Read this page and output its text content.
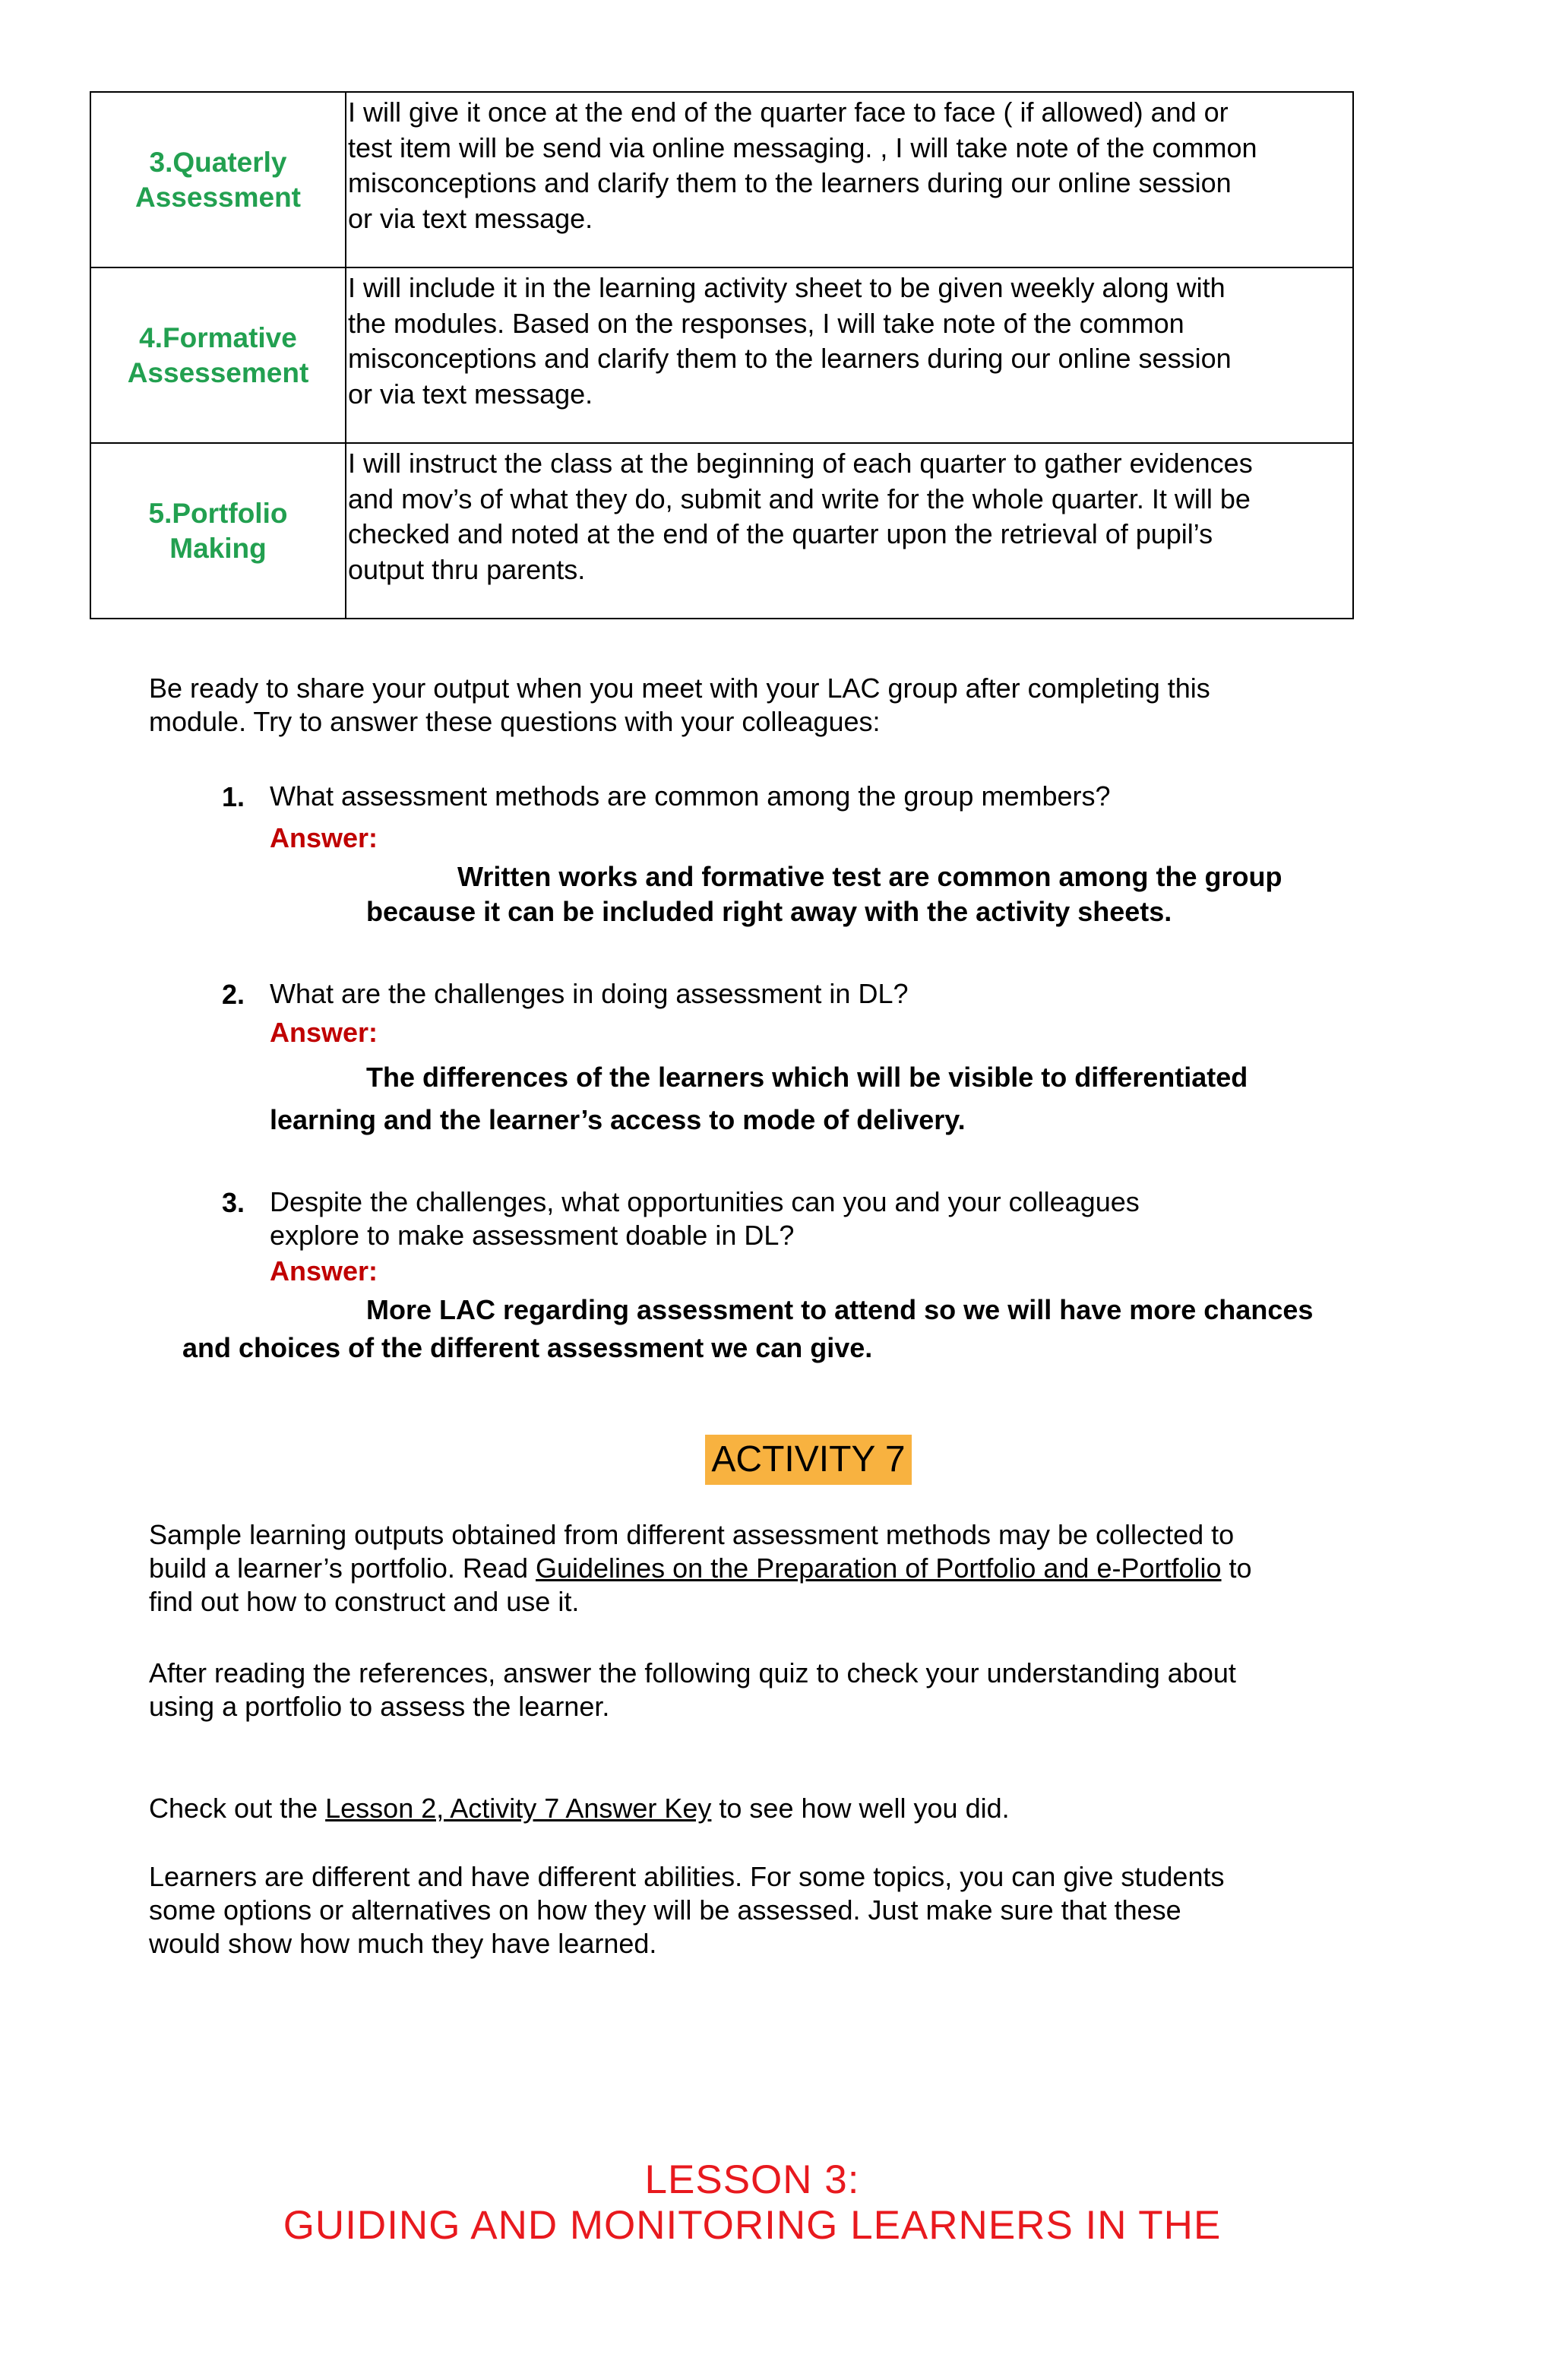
3.Quaterly
Assessment	I will give it once at the end of the quarter face to face ( if allowed) and or
test item will be send via online messaging. , I will take note of the common
misconceptions and clarify them to the learners during our online session
or via text message.

4.Formative
Assessement	I will include it in the learning activity sheet to be given weekly along with
the modules. Based on the responses, I will take note of the common
misconceptions and clarify them to the learners during our online session
or via text message.

5.Portfolio
Making	I will instruct the class at the beginning of each quarter to gather evidences
and mov’s of what they do, submit and write for the whole quarter. It will be
checked and noted at the end of the quarter upon the retrieval of pupil’s
output thru parents.
Be ready to share your output when you meet with your LAC group after completing this
module. Try to answer these questions with your colleagues:
1. What assessment methods are common among the group members?
Answer:
Written works and formative test are common among the group
because it can be included right away with the activity sheets.
2. What are the challenges in doing assessment in DL?
Answer:
The differences of the learners which will be visible to differentiated
learning and the learner’s access to mode of delivery.
3. Despite the challenges, what opportunities can you and your colleagues
explore to make assessment doable in DL?
Answer:
More LAC regarding assessment to attend so we will have more chances
and choices of the different assessment we can give.
ACTIVITY 7
Sample learning outputs obtained from different assessment methods may be collected to
build a learner’s portfolio. Read Guidelines on the Preparation of Portfolio and e-Portfolio to
find out how to construct and use it.
After reading the references, answer the following quiz to check your understanding about
using a portfolio to assess the learner.
Check out the Lesson 2, Activity 7 Answer Key to see how well you did.
Learners are different and have different abilities. For some topics, you can give students
some options or alternatives on how they will be assessed. Just make sure that these
would show how much they have learned.
LESSON 3:
GUIDING AND MONITORING LEARNERS IN THE
